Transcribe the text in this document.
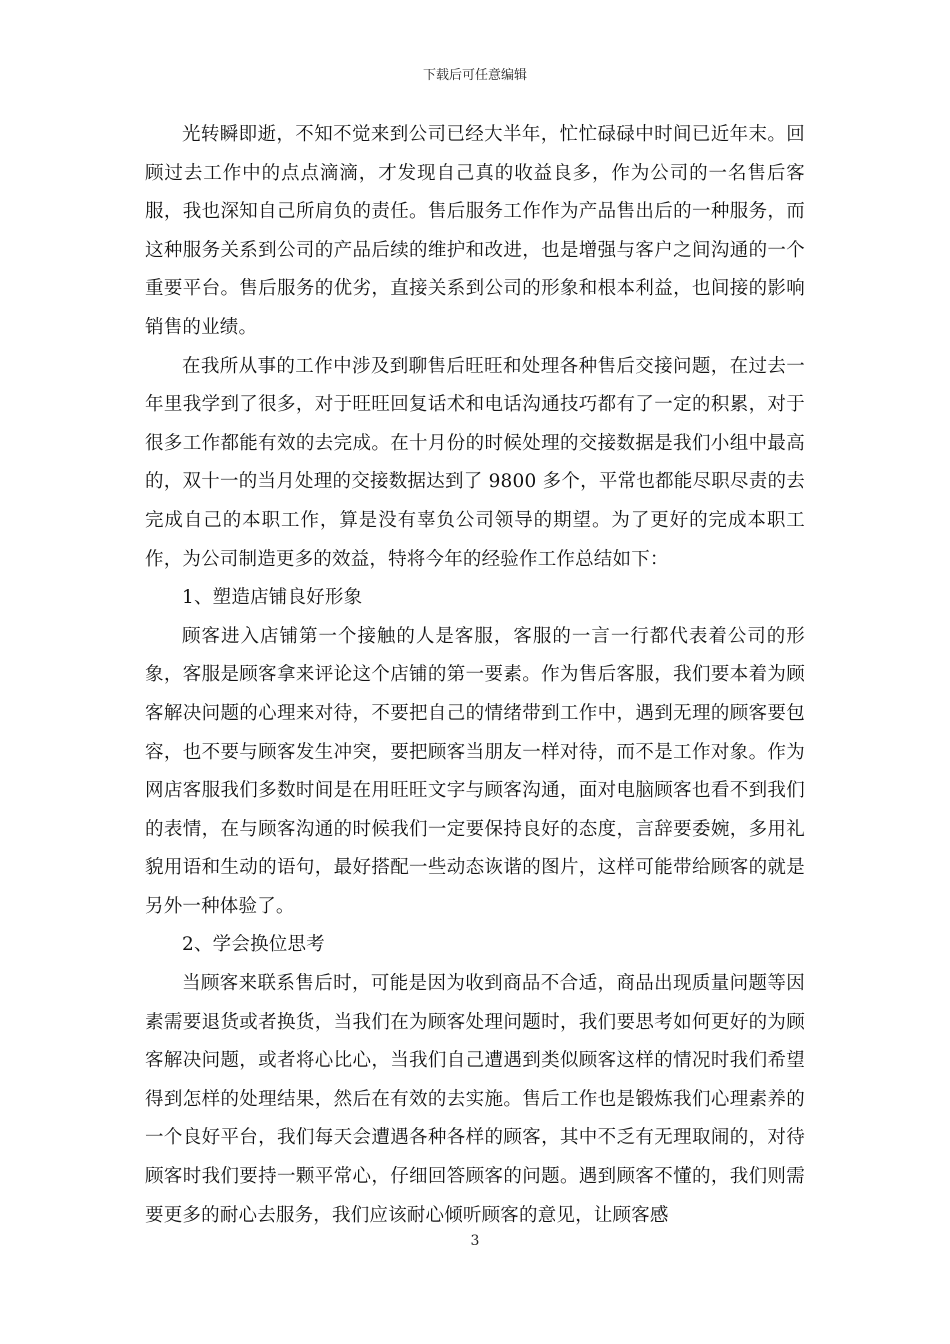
下载后可任意编辑

光转瞬即逝，不知不觉来到公司已经大半年，忙忙碌碌中时间已近年末。回顾过去工作中的点点滴滴，才发现自己真的收益良多，作为公司的一名售后客服，我也深知自己所肩负的责任。售后服务工作作为产品售出后的一种服务，而这种服务关系到公司的产品后续的维护和改进，也是增强与客户之间沟通的一个重要平台。售后服务的优劣，直接关系到公司的形象和根本利益，也间接的影响销售的业绩。

在我所从事的工作中涉及到聊售后旺旺和处理各种售后交接问题，在过去一年里我学到了很多，对于旺旺回复话术和电话沟通技巧都有了一定的积累，对于很多工作都能有效的去完成。在十月份的时候处理的交接数据是我们小组中最高的，双十一的当月处理的交接数据达到了 9800 多个，平常也都能尽职尽责的去完成自己的本职工作，算是没有辜负公司领导的期望。为了更好的完成本职工作，为公司制造更多的效益，特将今年的经验作工作总结如下：

1、塑造店铺良好形象

顾客进入店铺第一个接触的人是客服，客服的一言一行都代表着公司的形象，客服是顾客拿来评论这个店铺的第一要素。作为售后客服，我们要本着为顾客解决问题的心理来对待，不要把自己的情绪带到工作中，遇到无理的顾客要包容，也不要与顾客发生冲突，要把顾客当朋友一样对待，而不是工作对象。作为网店客服我们多数时间是在用旺旺文字与顾客沟通，面对电脑顾客也看不到我们的表情，在与顾客沟通的时候我们一定要保持良好的态度，言辞要委婉，多用礼貌用语和生动的语句，最好搭配一些动态诙谐的图片，这样可能带给顾客的就是另外一种体验了。

2、学会换位思考

当顾客来联系售后时，可能是因为收到商品不合适，商品出现质量问题等因素需要退货或者换货，当我们在为顾客处理问题时，我们要思考如何更好的为顾客解决问题，或者将心比心，当我们自己遭遇到类似顾客这样的情况时我们希望得到怎样的处理结果，然后在有效的去实施。售后工作也是锻炼我们心理素养的一个良好平台，我们每天会遭遇各种各样的顾客，其中不乏有无理取闹的，对待顾客时我们要持一颗平常心，仔细回答顾客的问题。遇到顾客不懂的，我们则需要更多的耐心去服务，我们应该耐心倾听顾客的意见，让顾客感

3
